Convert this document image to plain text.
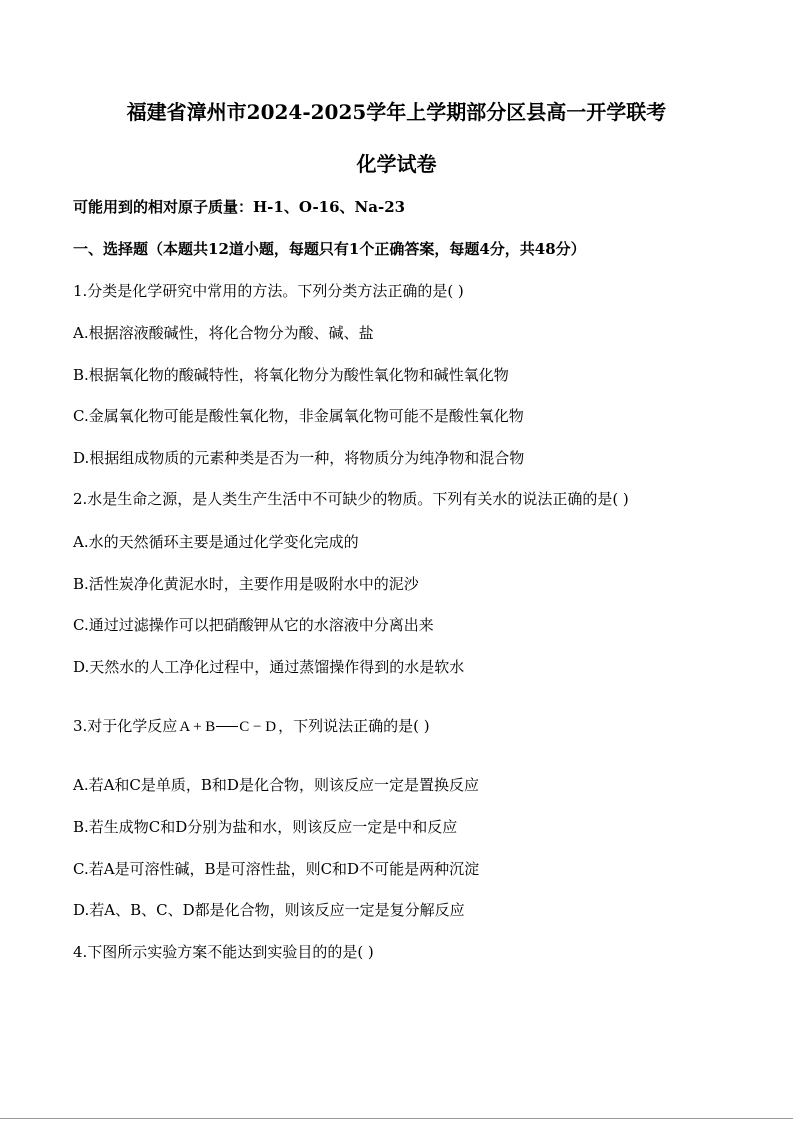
福建省漳州市2024-2025学年上学期部分区县高一开学联考
化学试卷
可能用到的相对原子质量：H-1、O-16、Na-23
一、选择题（本题共12道小题，每题只有1个正确答案，每题4分，共48分）
1.分类是化学研究中常用的方法。下列分类方法正确的是( )
A.根据溶液酸碱性，将化合物分为酸、碱、盐
B.根据氧化物的酸碱特性，将氧化物分为酸性氧化物和碱性氧化物
C.金属氧化物可能是酸性氧化物，非金属氧化物可能不是酸性氧化物
D.根据组成物质的元素种类是否为一种，将物质分为纯净物和混合物
2.水是生命之源，是人类生产生活中不可缺少的物质。下列有关水的说法正确的是( )
A.水的天然循环主要是通过化学变化完成的
B.活性炭净化黄泥水时，主要作用是吸附水中的泥沙
C.通过过滤操作可以把硝酸钾从它的水溶液中分离出来
D.天然水的人工净化过程中，通过蒸馏操作得到的水是软水
3.对于化学反应 A + B C − D ，下列说法正确的是( )
A.若A和C是单质，B和D是化合物，则该反应一定是置换反应
B.若生成物C和D分别为盐和水，则该反应一定是中和反应
C.若A是可溶性碱，B是可溶性盐，则C和D不可能是两种沉淀
D.若A、B、C、D都是化合物，则该反应一定是复分解反应
4.下图所示实验方案不能达到实验目的的是( )
